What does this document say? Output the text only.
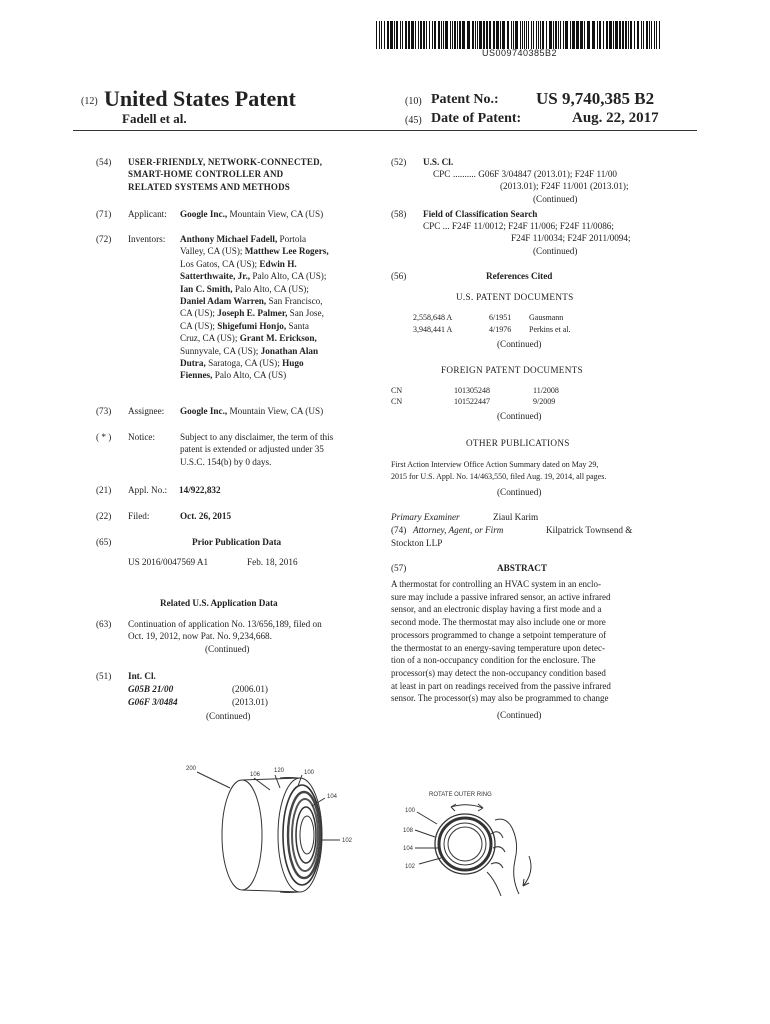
US009740385B2
(12) United States Patent
Fadell et al.
(10) Patent No.: US 9,740,385 B2
(45) Date of Patent:	Aug. 22, 2017
(54) USER-FRIENDLY, NETWORK-CONNECTED,
SMART-HOME CONTROLLER AND
RELATED SYSTEMS AND METHODS
(71) Applicant: Google Inc., Mountain View, CA (US)
(72) Inventors: Anthony Michael Fadell, Portola
Valley, CA (US); Matthew Lee Rogers,
Los Gatos, CA (US); Edwin H.
Satterthwaite, Jr., Palo Alto, CA (US);
Ian C. Smith, Palo Alto, CA (US);
Daniel Adam Warren, San Francisco,
CA (US); Joseph E. Palmer, San Jose,
CA (US); Shigefumi Honjo, Santa
Cruz, CA (US); Grant M. Erickson,
Sunnyvale, CA (US); Jonathan Alan
Dutra, Saratoga, CA (US); Hugo
Fiennes, Palo Alto, CA (US)
(73) Assignee: Google Inc., Mountain View, CA (US)
( * ) Notice:	Subject to any disclaimer, the term of this
patent is extended or adjusted under 35
U.S.C. 154(b) by 0 days.
(21) Appl. No.: 14/922,832
(22) Filed:	Oct. 26, 2015
(65)	Prior Publication Data
US 2016/0047569 A1	Feb. 18, 2016
Related U.S. Application Data
(63) Continuation of application No. 13/656,189, filed on
Oct. 19, 2012, now Pat. No. 9,234,668.
(Continued)
(51) Int. Cl.
G05B 21/00	(2006.01)
G06F 3/0484	(2013.01)
(Continued)
(52) U.S. Cl.
CPC .......... G06F 3/04847 (2013.01); F24F 11/00
(2013.01); F24F 11/001 (2013.01);
(Continued)
(58) Field of Classification Search
CPC ... F24F 11/0012; F24F 11/006; F24F 11/0086;
F24F 11/0034; F24F 2011/0094;
(Continued)
(56)	References Cited
U.S. PATENT DOCUMENTS
2,558,648 A	6/1951 Gausmann
3,948,441 A	4/1976 Perkins et al.
(Continued)
FOREIGN PATENT DOCUMENTS
CN	101305248	11/2008
CN	101522447	9/2009
(Continued)
OTHER PUBLICATIONS
First Action Interview Office Action Summary dated on May 29,
2015 for U.S. Appl. No. 14/463,550, filed Aug. 19, 2014, all pages.
(Continued)
Primary Examiner	Ziaul Karim
(74) Attorney, Agent, or Firm	Kilpatrick Townsend &
Stockton LLP
(57)	ABSTRACT
A thermostat for controlling an HVAC system in an enclo-
sure may include a passive infrared sensor, an active infrared
sensor, and an electronic display having a first mode and a
second mode. The thermostat may also include one or more
processors programmed to change a setpoint temperature of
the thermostat to an energy-saving temperature upon detec-
tion of a non-occupancy condition for the enclosure. The
processor(s) may detect the non-occupancy condition based
at least in part on readings received from the passive infrared
sensor. The processor(s) may also be programmed to change
(Continued)
200
106
120	100
104
102
ROTATE OUTER RING
100
108
104
102
